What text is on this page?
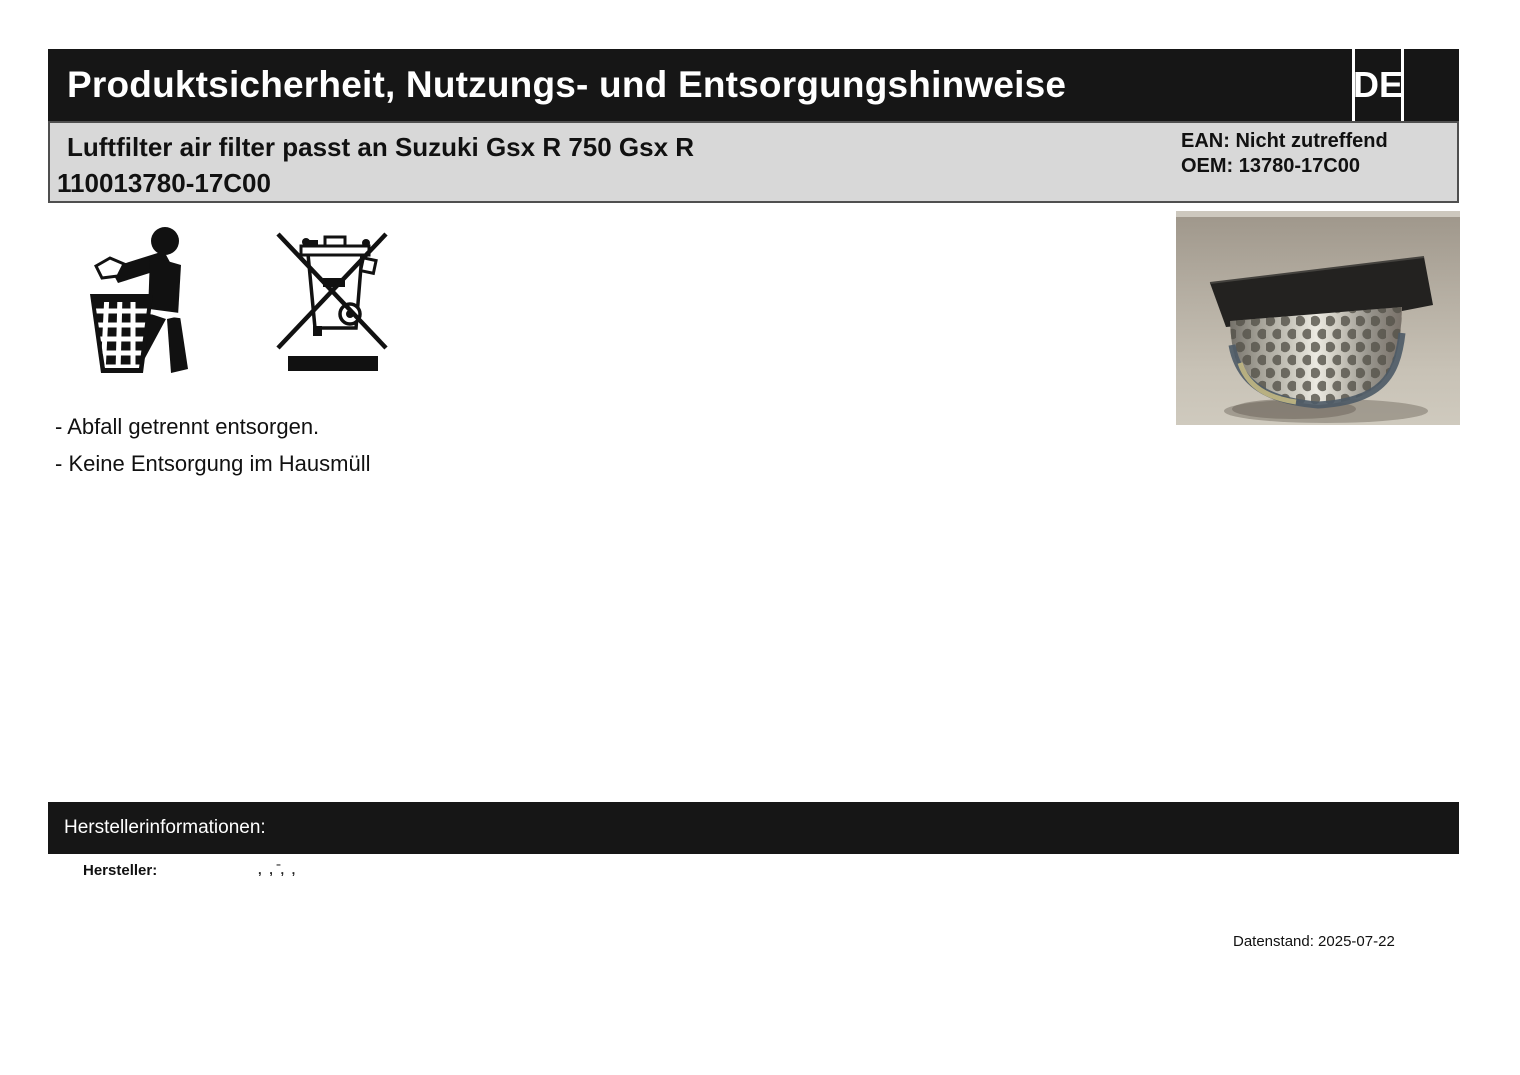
Produktsicherheit, Nutzungs- und Entsorgungshinweise	DE
Luftfilter air filter passt an Suzuki Gsx R 750 Gsx R
110013780-17C00
EAN: Nicht zutreffend
OEM: 13780-17C00
- Abfall getrennt entsorgen.
- Keine Entsorgung im Hausmüll
Herstellerinformationen:
Hersteller:	, , ̄, ,
Datenstand: 2025-07-22
